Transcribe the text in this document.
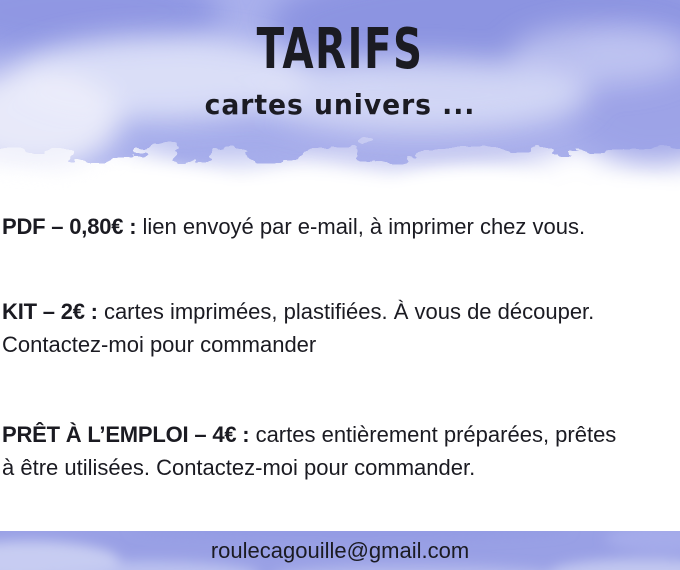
TARIFS
cartes univers ...

PDF – 0,80€ : lien envoyé par e-mail, à imprimer chez vous.

KIT – 2€ : cartes imprimées, plastifiées. À vous de découper. Contactez-moi pour commander

PRÊT À L’EMPLOI – 4€ : cartes entièrement préparées, prêtes à être utilisées. Contactez-moi pour commander.

roulecagouille@gmail.com
